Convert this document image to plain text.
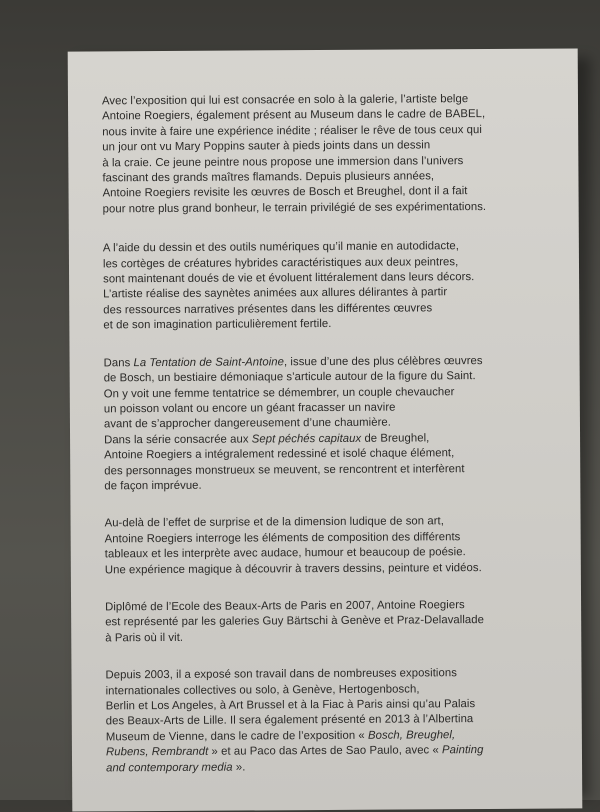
Avec l’exposition qui lui est consacrée en solo à la galerie, l’artiste belge
Antoine Roegiers, également présent au Museum dans le cadre de BABEL,
nous invite à faire une expérience inédite ; réaliser le rêve de tous ceux qui
un jour ont vu Mary Poppins sauter à pieds joints dans un dessin
à la craie. Ce jeune peintre nous propose une immersion dans l’univers
fascinant des grands maîtres flamands. Depuis plusieurs années,
Antoine Roegiers revisite les œuvres de Bosch et Breughel, dont il a fait
pour notre plus grand bonheur, le terrain privilégié de ses expérimentations.

A l’aide du dessin et des outils numériques qu’il manie en autodidacte,
les cortèges de créatures hybrides caractéristiques aux deux peintres,
sont maintenant doués de vie et évoluent littéralement dans leurs décors.
L’artiste réalise des saynètes animées aux allures délirantes à partir
des ressources narratives présentes dans les différentes œuvres
et de son imagination particulièrement fertile.

Dans La Tentation de Saint-Antoine, issue d’une des plus célèbres œuvres
de Bosch, un bestiaire démoniaque s’articule autour de la figure du Saint.
On y voit une femme tentatrice se démembrer, un couple chevaucher
un poisson volant ou encore un géant fracasser un navire
avant de s’approcher dangereusement d’une chaumière.
Dans la série consacrée aux Sept péchés capitaux de Breughel,
Antoine Roegiers a intégralement redessiné et isolé chaque élément,
des personnages monstrueux se meuvent, se rencontrent et interfèrent
de façon imprévue.

Au-delà de l’effet de surprise et de la dimension ludique de son art,
Antoine Roegiers interroge les éléments de composition des différents
tableaux et les interprète avec audace, humour et beaucoup de poésie.
Une expérience magique à découvrir à travers dessins, peinture et vidéos.

Diplômé de l’Ecole des Beaux-Arts de Paris en 2007, Antoine Roegiers
est représenté par les galeries Guy Bärtschi à Genève et Praz-Delavallade
à Paris où il vit.

Depuis 2003, il a exposé son travail dans de nombreuses expositions
internationales collectives ou solo, à Genève, Hertogenbosch,
Berlin et Los Angeles, à Art Brussel et à la Fiac à Paris ainsi qu’au Palais
des Beaux-Arts de Lille. Il sera également présenté en 2013 à l’Albertina
Museum de Vienne, dans le cadre de l’exposition « Bosch, Breughel,
Rubens, Rembrandt » et au Paco das Artes de Sao Paulo, avec « Painting
and contemporary media ».
